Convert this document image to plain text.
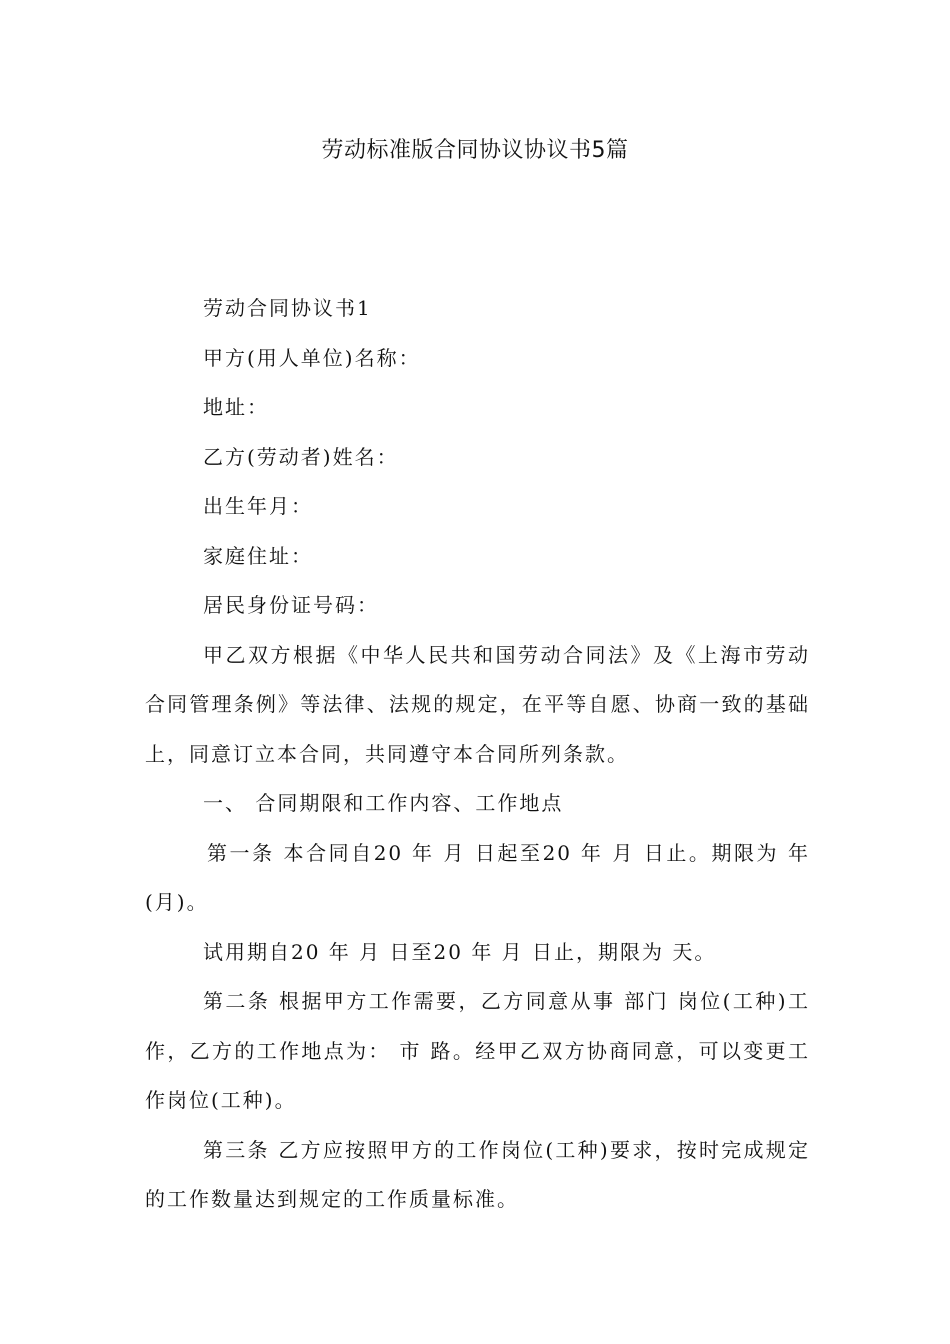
劳动标准版合同协议协议书5篇

劳动合同协议书1

甲方(用人单位)名称：

地址：

乙方(劳动者)姓名：

出生年月：

家庭住址：

居民身份证号码：

甲乙双方根据《中华人民共和国劳动合同法》及《上海市劳动合同管理条例》等法律、法规的规定，在平等自愿、协商一致的基础上，同意订立本合同，共同遵守本合同所列条款。

一、 合同期限和工作内容、工作地点

第一条 本合同自20 年 月 日起至20 年 月 日止。期限为 年(月)。

试用期自20 年 月 日至20 年 月 日止，期限为 天。

第二条 根据甲方工作需要，乙方同意从事 部门 岗位(工种)工作，乙方的工作地点为： 市 路。经甲乙双方协商同意，可以变更工作岗位(工种)。

第三条 乙方应按照甲方的工作岗位(工种)要求，按时完成规定的工作数量达到规定的工作质量标准。
